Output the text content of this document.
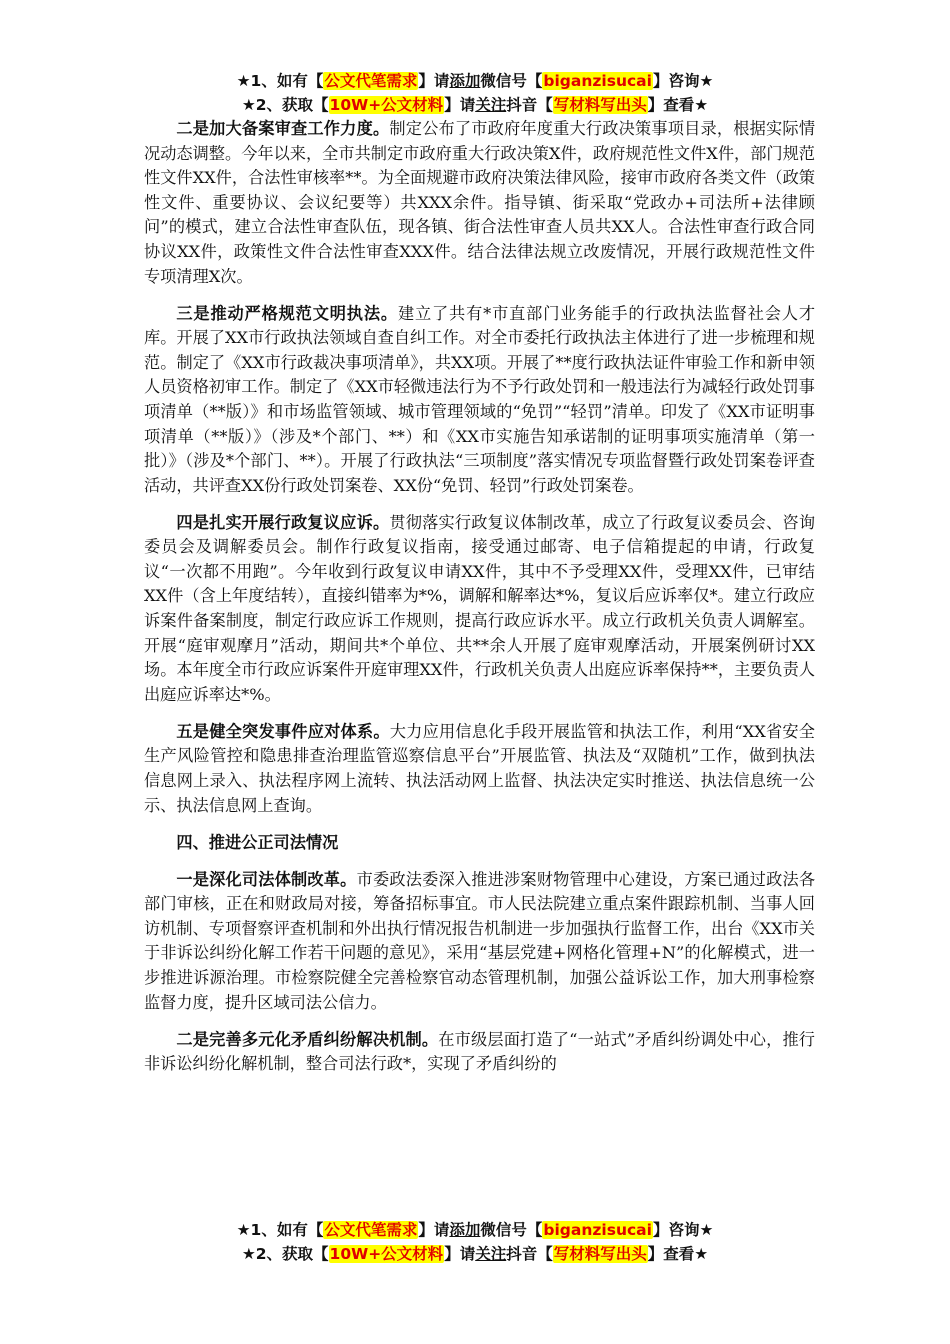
★1、如有【公文代笔需求】请添加微信号【biganzisucai】咨询★
★2、获取【10W+公文材料】请关注抖音【写材料写出头】查看★

二是加大备案审查工作力度。制定公布了市政府年度重大行政决策事项目录，根据实际情况动态调整。今年以来，全市共制定市政府重大行政决策X件，政府规范性文件X件，部门规范性文件XX件，合法性审核率**。为全面规避市政府决策法律风险，接审市政府各类文件（政策性文件、重要协议、会议纪要等）共XXX余件。指导镇、街采取“党政办+司法所+法律顾问”的模式，建立合法性审查队伍，现各镇、街合法性审查人员共XX人。合法性审查行政合同协议XX件，政策性文件合法性审查XXX件。结合法律法规立改废情况，开展行政规范性文件专项清理X次。

三是推动严格规范文明执法。建立了共有*市直部门业务能手的行政执法监督社会人才库。开展了XX市行政执法领域自查自纠工作。对全市委托行政执法主体进行了进一步梳理和规范。制定了《XX市行政裁决事项清单》，共XX项。开展了**度行政执法证件审验工作和新申领人员资格初审工作。制定了《XX市轻微违法行为不予行政处罚和一般违法行为减轻行政处罚事项清单（**版）》和市场监管领域、城市管理领域的“免罚”“轻罚”清单。印发了《XX市证明事项清单（**版）》（涉及*个部门、**）和《XX市实施告知承诺制的证明事项实施清单（第一批）》（涉及*个部门、**）。开展了行政执法“三项制度”落实情况专项监督暨行政处罚案卷评查活动，共评查XX份行政处罚案卷、XX份“免罚、轻罚”行政处罚案卷。

四是扎实开展行政复议应诉。贯彻落实行政复议体制改革，成立了行政复议委员会、咨询委员会及调解委员会。制作行政复议指南，接受通过邮寄、电子信箱提起的申请，行政复议“一次都不用跑”。今年收到行政复议申请XX件，其中不予受理XX件，受理XX件，已审结XX件（含上年度结转），直接纠错率为*%，调解和解率达*%，复议后应诉率仅*。建立行政应诉案件备案制度，制定行政应诉工作规则，提高行政应诉水平。成立行政机关负责人调解室。开展“庭审观摩月”活动，期间共*个单位、共**余人开展了庭审观摩活动，开展案例研讨XX场。本年度全市行政应诉案件开庭审理XX件，行政机关负责人出庭应诉率保持**，主要负责人出庭应诉率达*%。

五是健全突发事件应对体系。大力应用信息化手段开展监管和执法工作，利用“XX省安全生产风险管控和隐患排查治理监管巡察信息平台”开展监管、执法及“双随机”工作，做到执法信息网上录入、执法程序网上流转、执法活动网上监督、执法决定实时推送、执法信息统一公示、执法信息网上查询。

四、推进公正司法情况

一是深化司法体制改革。市委政法委深入推进涉案财物管理中心建设，方案已通过政法各部门审核，正在和财政局对接，筹备招标事宜。市人民法院建立重点案件跟踪机制、当事人回访机制、专项督察评查机制和外出执行情况报告机制进一步加强执行监督工作，出台《XX市关于非诉讼纠纷化解工作若干问题的意见》，采用“基层党建+网格化管理+N”的化解模式，进一步推进诉源治理。市检察院健全完善检察官动态管理机制，加强公益诉讼工作，加大刑事检察监督力度，提升区域司法公信力。

二是完善多元化矛盾纠纷解决机制。在市级层面打造了“一站式”矛盾纠纷调处中心，推行非诉讼纠纷化解机制，整合司法行政*，实现了矛盾纠纷的

★1、如有【公文代笔需求】请添加微信号【biganzisucai】咨询★
★2、获取【10W+公文材料】请关注抖音【写材料写出头】查看★
